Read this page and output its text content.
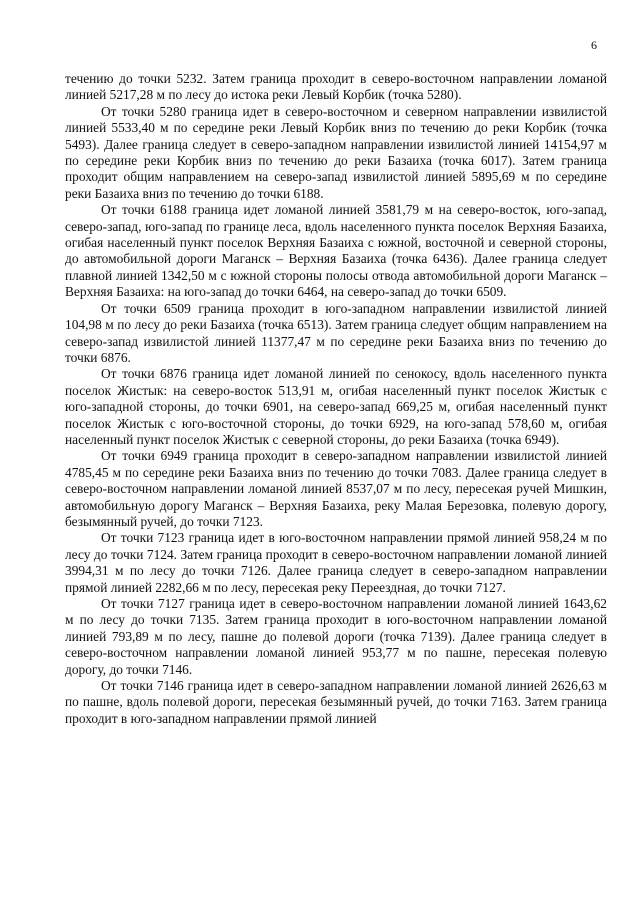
6

течению до точки 5232. Затем граница проходит в северо-восточном направлении ломаной линией 5217,28 м по лесу до истока реки Левый Корбик (точка 5280).

От точки 5280 граница идет в северо-восточном и северном направлении извилистой линией 5533,40 м по середине реки Левый Корбик вниз по течению до реки Корбик (точка 5493). Далее граница следует в северо-западном направлении извилистой линией 14154,97 м по середине реки Корбик вниз по течению до реки Базаиха (точка 6017). Затем граница проходит общим направлением на северо-запад извилистой линией 5895,69 м по середине реки Базаиха вниз по течению до точки 6188.

От точки 6188 граница идет ломаной линией 3581,79 м на северо-восток, юго-запад, северо-запад, юго-запад по границе леса, вдоль населенного пункта поселок Верхняя Базаиха, огибая населенный пункт поселок Верхняя Базаиха с южной, восточной и северной стороны, до автомобильной дороги Маганск – Верхняя Базаиха (точка 6436). Далее граница следует плавной линией 1342,50 м с южной стороны полосы отвода автомобильной дороги Маганск – Верхняя Базаиха: на юго-запад до точки 6464, на северо-запад до точки 6509.

От точки 6509 граница проходит в юго-западном направлении извилистой линией 104,98 м по лесу до реки Базаиха (точка 6513). Затем граница следует общим направлением на северо-запад извилистой линией 11377,47 м по середине реки Базаиха вниз по течению до точки 6876.

От точки 6876 граница идет ломаной линией по сенокосу, вдоль населенного пункта поселок Жистык: на северо-восток 513,91 м, огибая населенный пункт поселок Жистык с юго-западной стороны, до точки 6901, на северо-запад 669,25 м, огибая населенный пункт поселок Жистык с юго-восточной стороны, до точки 6929, на юго-запад 578,60 м, огибая населенный пункт поселок Жистык с северной стороны, до реки Базаиха (точка 6949).

От точки 6949 граница проходит в северо-западном направлении извилистой линией 4785,45 м по середине реки Базаиха вниз по течению до точки 7083. Далее граница следует в северо-восточном направлении ломаной линией 8537,07 м по лесу, пересекая ручей Мишкин, автомобильную дорогу Маганск – Верхняя Базаиха, реку Малая Березовка, полевую дорогу, безымянный ручей, до точки 7123.

От точки 7123 граница идет в юго-восточном направлении прямой линией 958,24 м по лесу до точки 7124. Затем граница проходит в северо-восточном направлении ломаной линией 3994,31 м по лесу до точки 7126. Далее граница следует в северо-западном направлении прямой линией 2282,66 м по лесу, пересекая реку Переездная, до точки 7127.

От точки 7127 граница идет в северо-восточном направлении ломаной линией 1643,62 м по лесу до точки 7135. Затем граница проходит в юго-восточном направлении ломаной линией 793,89 м по лесу, пашне до полевой дороги (точка 7139). Далее граница следует в северо-восточном направлении ломаной линией 953,77 м по пашне, пересекая полевую дорогу, до точки 7146.

От точки 7146 граница идет в северо-западном направлении ломаной линией 2626,63 м по пашне, вдоль полевой дороги, пересекая безымянный ручей, до точки 7163. Затем граница проходит в юго-западном направлении прямой линией
